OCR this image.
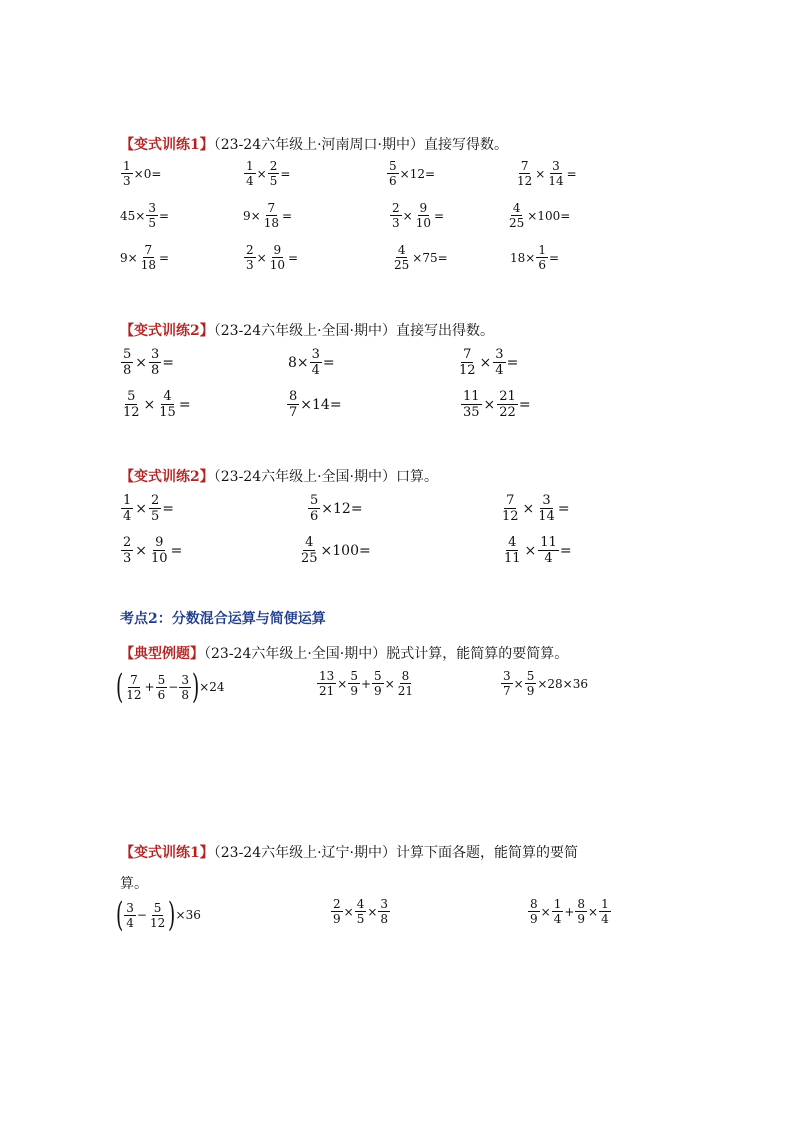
【变式训练1】（23-24六年级上·河南周口·期中）直接写得数。
$\frac{1}{3} \times 0=$	$\frac{1}{4} \times \frac{2}{5}$ =	$\frac{5}{6} \times 12=$	$\frac{7}{12} \times \frac{3}{14}$ =
$45\times \frac{3}{5}$ =	$9\times \frac{7}{18}$ =	$\frac{2}{3} \times \frac{9}{10}$ =	$\frac{4}{25} \times 100=$
$9\times \frac{7}{18}$ =	$\frac{2}{3} \times \frac{9}{10}$ =	$\frac{4}{25} \times 75=$	$18\times \frac{1}{6}$ =
【变式训练2】（23-24六年级上·全国·期中）直接写出得数。
$\frac{5}{8} \times \frac{3}{8}$ =	$8\times \frac{3}{4}$ =	$\frac{7}{12} \times \frac{3}{4}$ =
$\frac{5}{12} \times \frac{4}{15}$ =	$\frac{8}{7} \times 14=$	$\frac{11}{35} \times \frac{21}{22}$ =
【变式训练2】（23-24六年级上·全国·期中）口算。
$\frac{1}{4} \times \frac{2}{5}$ =	$\frac{5}{6} \times 12=$	$\frac{7}{12} \times \frac{3}{14}$ =
$\frac{2}{3} \times \frac{9}{10}$ =	$\frac{4}{25} \times 100=$	$\frac{4}{11} \times \frac{11}{4}$ =
考点2：分数混合运算与简便运算
【典型例题】（23-24六年级上·全国·期中）脱式计算，能简算的要简算。
( $\frac{7}{12} + \frac{5}{6} - \frac{3}{8}$ ) ×24	$\frac{13}{21} \times \frac{5}{9} + \frac{5}{9} \times \frac{8}{21}$	$\frac{3}{7} \times \frac{5}{9} \times 28\times 36$
【变式训练1】（23-24六年级上·辽宁·期中）计算下面各题，能简算的要简
算。
( $\frac{3}{4} - \frac{5}{12}$ ) ×36	$\frac{2}{9} \times \frac{4}{5} \times \frac{3}{8}$	$\frac{8}{9} \times \frac{1}{4} + \frac{8}{9} \times \frac{1}{4}$
